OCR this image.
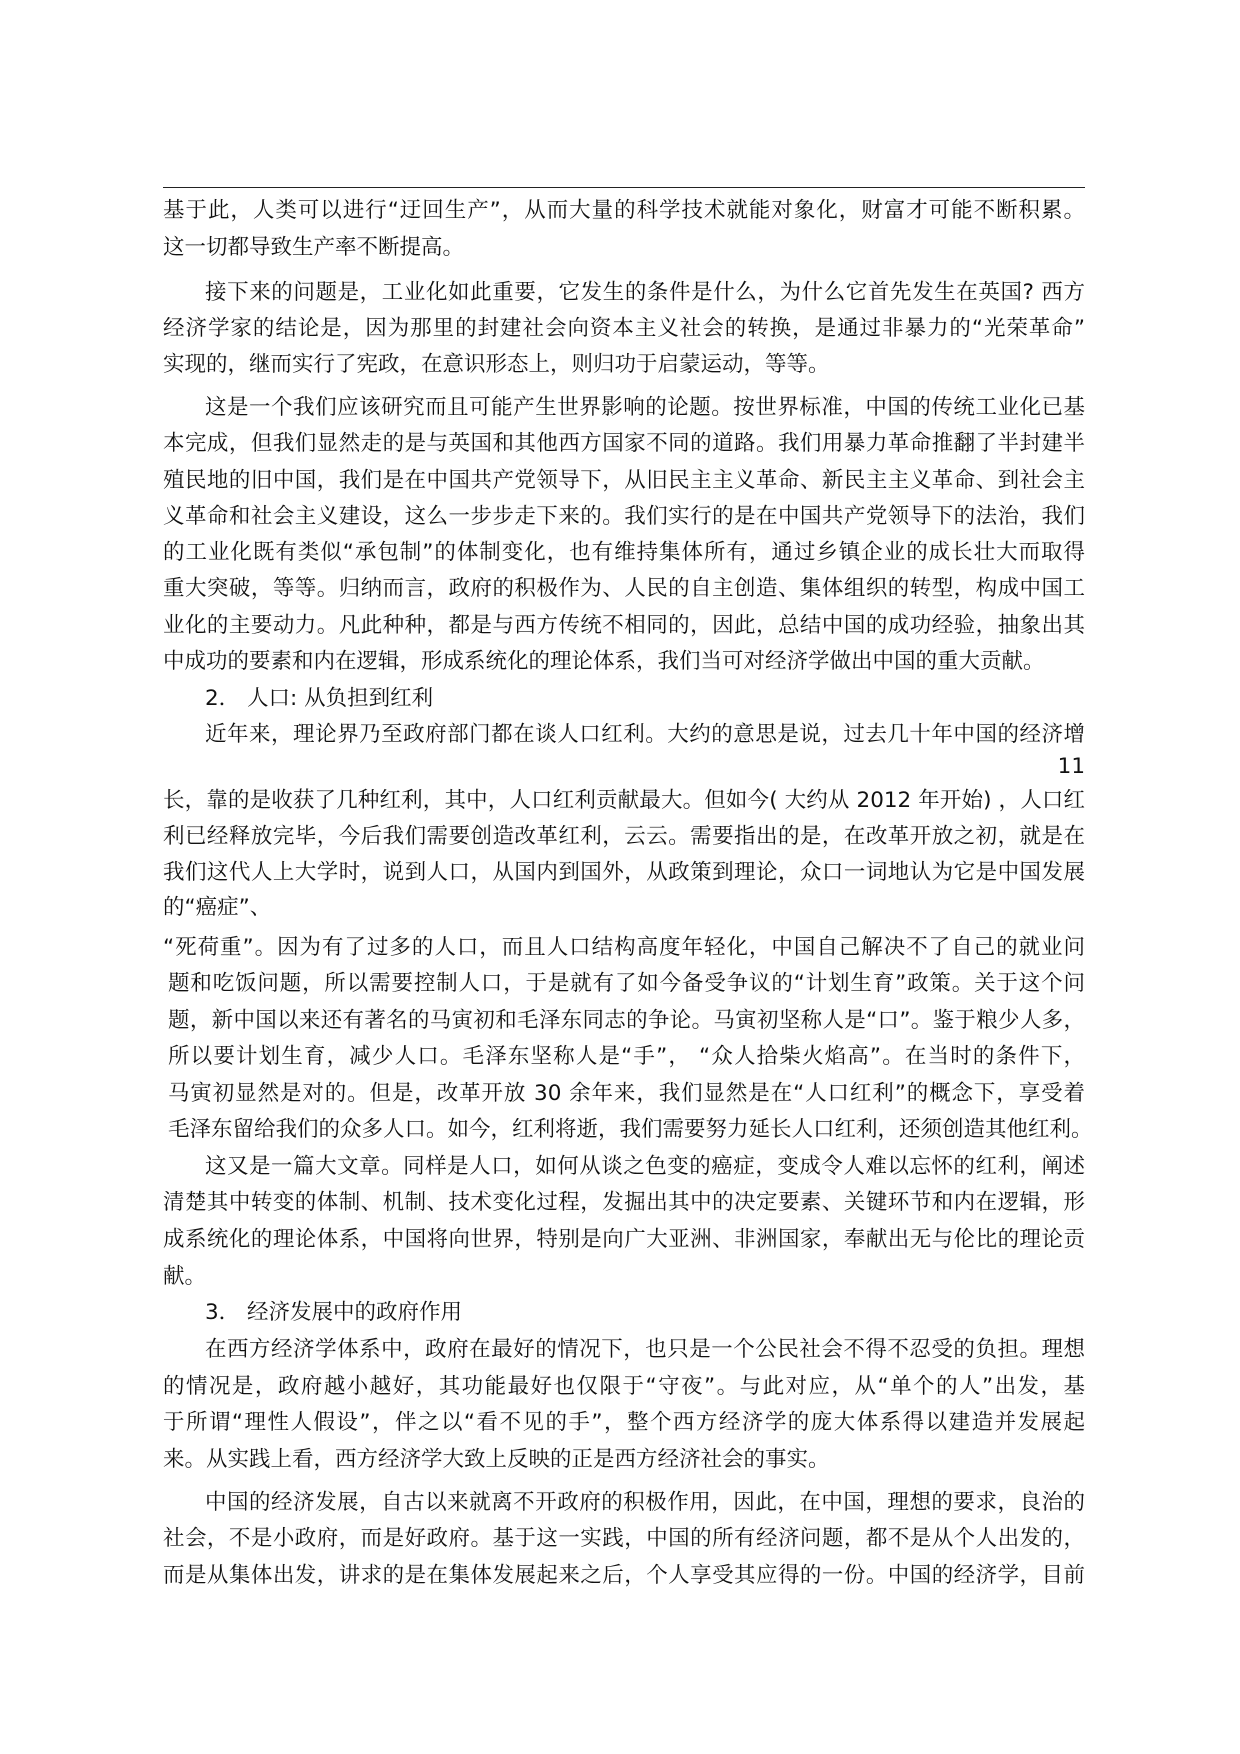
基于此，人类可以进行“迂回生产”，从而大量的科学技术就能对象化，财富才可能不断积累。
这一切都导致生产率不断提高。
接下来的问题是，工业化如此重要，它发生的条件是什么，为什么它首先发生在英国? 西方
经济学家的结论是，因为那里的封建社会向资本主义社会的转换，是通过非暴力的“光荣革命”
实现的，继而实行了宪政，在意识形态上，则归功于启蒙运动，等等。
这是一个我们应该研究而且可能产生世界影响的论题。按世界标准，中国的传统工业化已基
本完成，但我们显然走的是与英国和其他西方国家不同的道路。我们用暴力革命推翻了半封建半
殖民地的旧中国，我们是在中国共产党领导下，从旧民主主义革命、新民主主义革命、到社会主
义革命和社会主义建设，这么一步步走下来的。我们实行的是在中国共产党领导下的法治，我们
的工业化既有类似“承包制”的体制变化，也有维持集体所有，通过乡镇企业的成长壮大而取得
重大突破，等等。归纳而言，政府的积极作为、人民的自主创造、集体组织的转型，构成中国工
业化的主要动力。凡此种种，都是与西方传统不相同的，因此，总结中国的成功经验，抽象出其
中成功的要素和内在逻辑，形成系统化的理论体系，我们当可对经济学做出中国的重大贡献。
2． 人口: 从负担到红利
近年来，理论界乃至政府部门都在谈人口红利。大约的意思是说，过去几十年中国的经济增
11
长，靠的是收获了几种红利，其中，人口红利贡献最大。但如今( 大约从 2012 年开始) ，人口红
利已经释放完毕，今后我们需要创造改革红利，云云。需要指出的是，在改革开放之初，就是在
我们这代人上大学时，说到人口，从国内到国外，从政策到理论，众口一词地认为它是中国发展
的“癌症”、
“死荷重”。因为有了过多的人口，而且人口结构高度年轻化，中国自己解决不了自己的就业问
题和吃饭问题，所以需要控制人口，于是就有了如今备受争议的“计划生育”政策。关于这个问
题，新中国以来还有著名的马寅初和毛泽东同志的争论。马寅初坚称人是“口”。鉴于粮少人多，
所以要计划生育，减少人口。毛泽东坚称人是“手”， “众人拾柴火焰高”。在当时的条件下，
马寅初显然是对的。但是，改革开放 30 余年来，我们显然是在“人口红利”的概念下，享受着
毛泽东留给我们的众多人口。如今，红利将逝，我们需要努力延长人口红利，还须创造其他红利。
这又是一篇大文章。同样是人口，如何从谈之色变的癌症，变成令人难以忘怀的红利，阐述
清楚其中转变的体制、机制、技术变化过程，发掘出其中的决定要素、关键环节和内在逻辑，形
成系统化的理论体系，中国将向世界，特别是向广大亚洲、非洲国家，奉献出无与伦比的理论贡
献。
3． 经济发展中的政府作用
在西方经济学体系中，政府在最好的情况下，也只是一个公民社会不得不忍受的负担。理想
的情况是，政府越小越好，其功能最好也仅限于“守夜”。与此对应，从“单个的人”出发，基
于所谓“理性人假设”，伴之以“看不见的手”，整个西方经济学的庞大体系得以建造并发展起
来。从实践上看，西方经济学大致上反映的正是西方经济社会的事实。
中国的经济发展，自古以来就离不开政府的积极作用，因此，在中国，理想的要求，良治的
社会，不是小政府，而是好政府。基于这一实践，中国的所有经济问题，都不是从个人出发的，
而是从集体出发，讲求的是在集体发展起来之后，个人享受其应得的一份。中国的经济学，目前
